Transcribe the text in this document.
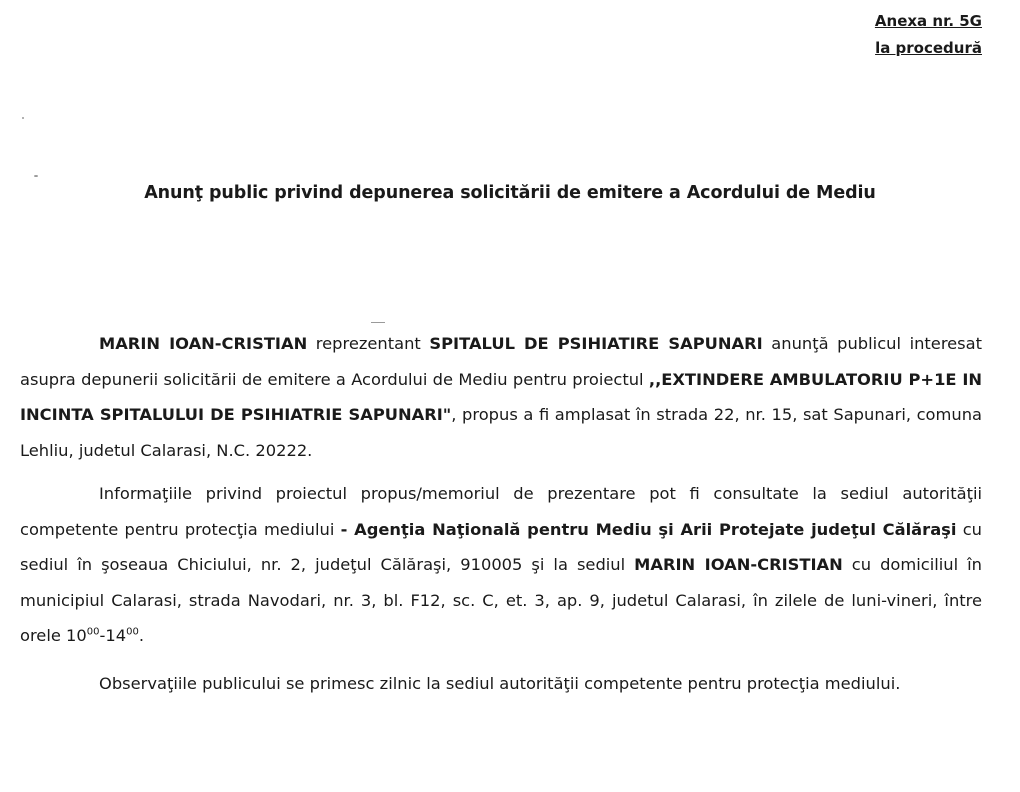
Anexa nr. 5G
la procedură
Anunţ public privind depunerea solicitării de emitere a Acordului de Mediu

MARIN IOAN-CRISTIAN reprezentant SPITALUL DE PSIHIATIRE SAPUNARI anunţă publicul interesat asupra depunerii solicitării de emitere a Acordului de Mediu pentru proiectul ,,EXTINDERE AMBULATORIU P+1E IN INCINTA SPITALULUI DE PSIHIATRIE SAPUNARI", propus a fi amplasat în strada 22, nr. 15, sat Sapunari, comuna Lehliu, judetul Calarasi, N.C. 20222.

Informaţiile privind proiectul propus/memoriul de prezentare pot fi consultate la sediul autorităţii competente pentru protecţia mediului - Agenţia Naţională pentru Mediu şi Arii Protejate judeţul Călăraşi cu sediul în şoseaua Chiciului, nr. 2, judeţul Călăraşi, 910005 şi la sediul MARIN IOAN-CRISTIAN cu domiciliul în municipiul Calarasi, strada Navodari, nr. 3, bl. F12, sc. C, et. 3, ap. 9, judetul Calarasi, în zilele de luni-vineri, între orele $10^{00}-14^{00}$.

Observaţiile publicului se primesc zilnic la sediul autorităţii competente pentru protecţia mediului.
